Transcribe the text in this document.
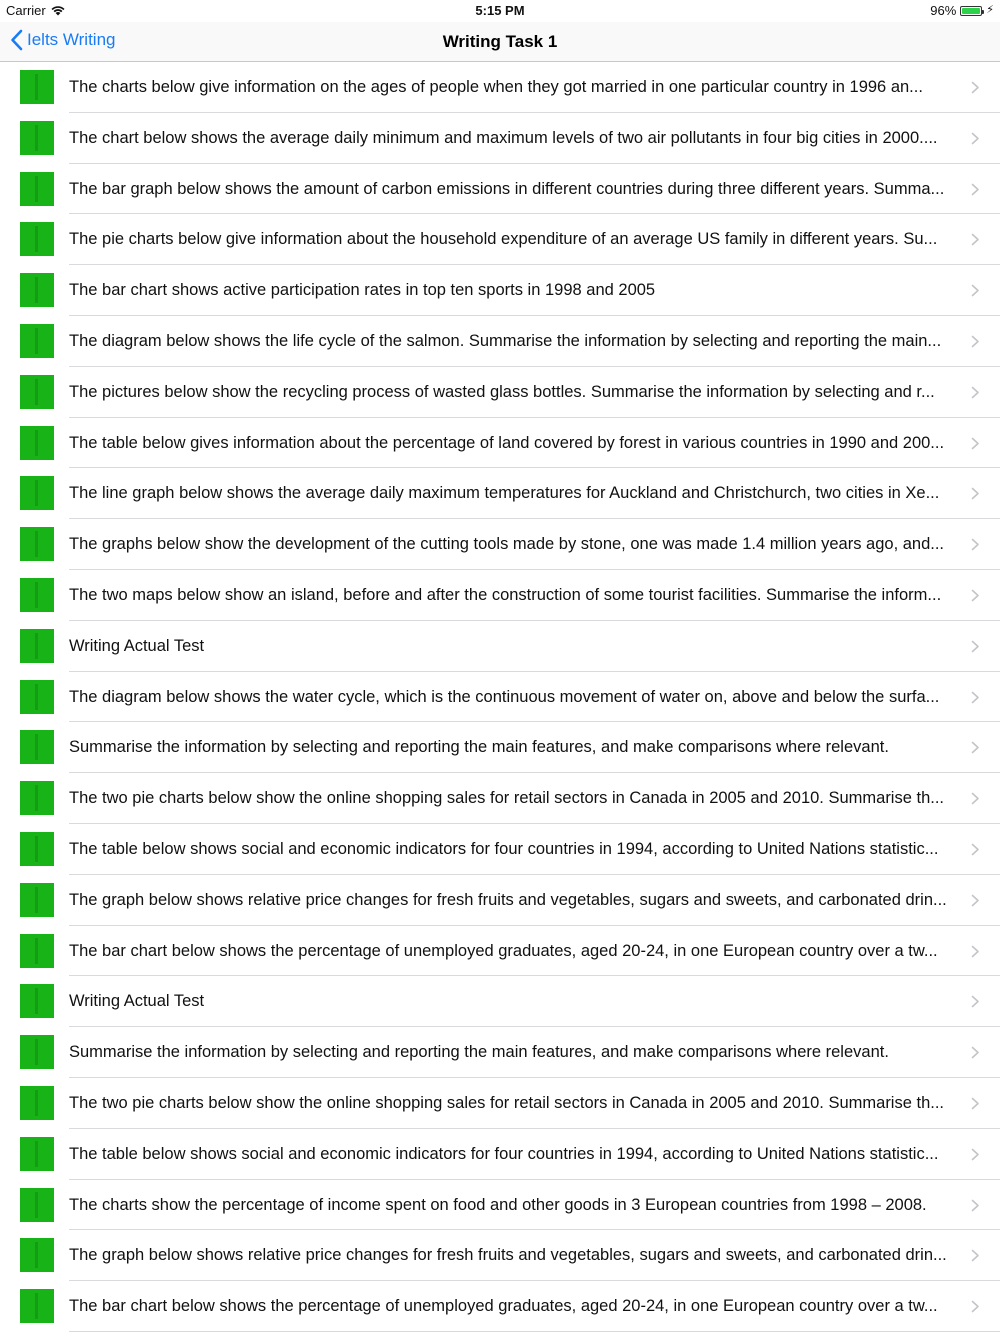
Carrier	5:15 PM	96%	⚡
Ielts Writing	Writing Task 1
The charts below give information on the ages of people when they got married in one particular country in 1996 an...
The chart below shows the average daily minimum and maximum levels of two air pollutants in four big cities in 2000....
The bar graph below shows the amount of carbon emissions in different countries during three different years. Summa...
The pie charts below give information about the household expenditure of an average US family in different years. Su...
The bar chart shows active participation rates in top ten sports in 1998 and 2005
The diagram below shows the life cycle of the salmon. Summarise the information by selecting and reporting the main...
The pictures below show the recycling process of wasted glass bottles. Summarise the information by selecting and r...
The table below gives information about the percentage of land covered by forest in various countries in 1990 and 200...
The line graph below shows the average daily maximum temperatures for Auckland and Christchurch, two cities in Xe...
The graphs below show the development of the cutting tools made by stone, one was made 1.4 million years ago, and...
The two maps below show an island, before and after the construction of some tourist facilities. Summarise the inform...
Writing Actual Test
The diagram below shows the water cycle, which is the continuous movement of water on, above and below the surfa...
Summarise the information by selecting and reporting the main features, and make comparisons where relevant.
The two pie charts below show the online shopping sales for retail sectors in Canada in 2005 and 2010. Summarise th...
The table below shows social and economic indicators for four countries in 1994, according to United Nations statistic...
The graph below shows relative price changes for fresh fruits and vegetables, sugars and sweets, and carbonated drin...
The bar chart below shows the percentage of unemployed graduates, aged 20-24, in one European country over a tw...
Writing Actual Test
Summarise the information by selecting and reporting the main features, and make comparisons where relevant.
The two pie charts below show the online shopping sales for retail sectors in Canada in 2005 and 2010. Summarise th...
The table below shows social and economic indicators for four countries in 1994, according to United Nations statistic...
The charts show the percentage of income spent on food and other goods in 3 European countries from 1998 – 2008.
The graph below shows relative price changes for fresh fruits and vegetables, sugars and sweets, and carbonated drin...
The bar chart below shows the percentage of unemployed graduates, aged 20-24, in one European country over a tw...
